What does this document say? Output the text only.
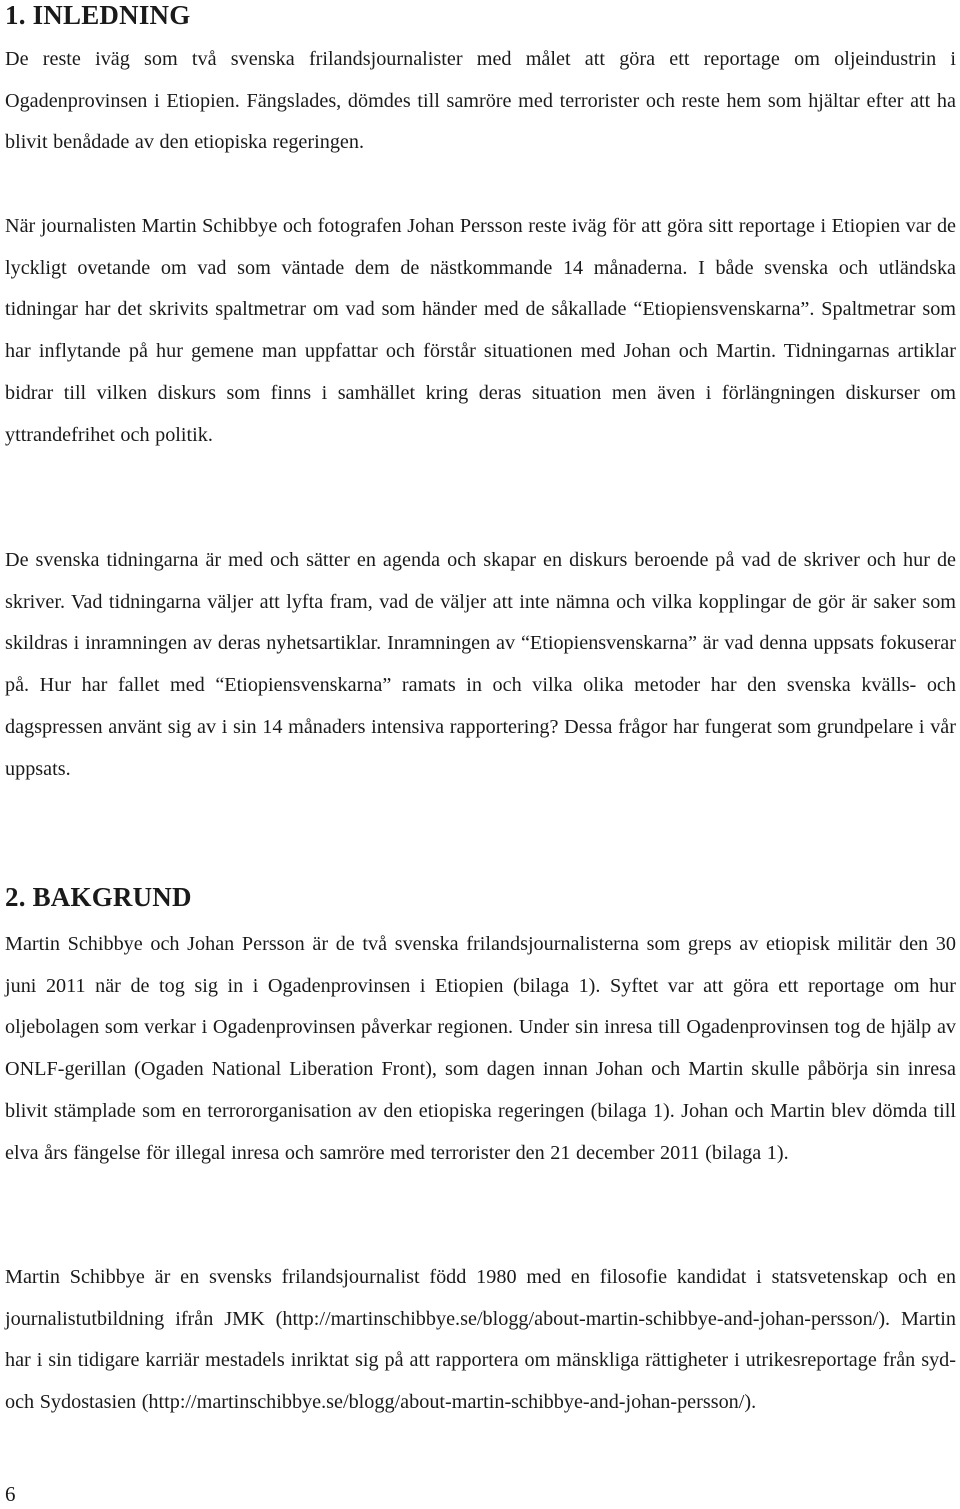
1. INLEDNING

De reste iväg som två svenska frilandsjournalister med målet att göra ett reportage om oljeindustrin i Ogadenprovinsen i Etiopien. Fängslades, dömdes till samröre med terrorister och reste hem som hjältar efter att ha blivit benådade av den etiopiska regeringen.

När journalisten Martin Schibbye och fotografen Johan Persson reste iväg för att göra sitt reportage i Etiopien var de lyckligt ovetande om vad som väntade dem de nästkommande 14 månaderna. I både svenska och utländska tidningar har det skrivits spaltmetrar om vad som händer med de såkallade “Etiopiensvenskarna”. Spaltmetrar som har inflytande på hur gemene man uppfattar och förstår situationen med Johan och Martin. Tidningarnas artiklar bidrar till vilken diskurs som finns i samhället kring deras situation men även i förlängningen diskurser om yttrandefrihet och politik.

De svenska tidningarna är med och sätter en agenda och skapar en diskurs beroende på vad de skriver och hur de skriver. Vad tidningarna väljer att lyfta fram, vad de väljer att inte nämna och vilka kopplingar de gör är saker som skildras i inramningen av deras nyhetsartiklar. Inramningen av “Etiopiensvenskarna” är vad denna uppsats fokuserar på. Hur har fallet med “Etiopiensvenskarna” ramats in och vilka olika metoder har den svenska kvälls- och dagspressen använt sig av i sin 14 månaders intensiva rapportering? Dessa frågor har fungerat som grundpelare i vår uppsats.

2. BAKGRUND

Martin Schibbye och Johan Persson är de två svenska frilandsjournalisterna som greps av etiopisk militär den 30 juni 2011 när de tog sig in i Ogadenprovinsen i Etiopien (bilaga 1). Syftet var att göra ett reportage om hur oljebolagen som verkar i Ogadenprovinsen påverkar regionen. Under sin inresa till Ogadenprovinsen tog de hjälp av ONLF-gerillan (Ogaden National Liberation Front), som dagen innan Johan och Martin skulle påbörja sin inresa blivit stämplade som en terrororganisation av den etiopiska regeringen (bilaga 1). Johan och Martin blev dömda till elva års fängelse för illegal inresa och samröre med terrorister den 21 december 2011 (bilaga 1).

Martin Schibbye är en svensks frilandsjournalist född 1980 med en filosofie kandidat i statsvetenskap och en journalistutbildning ifrån JMK (http://martinschibbye.se/blogg/about-martin-schibbye-and-johan-persson/). Martin har i sin tidigare karriär mestadels inriktat sig på att rapportera om mänskliga rättigheter i utrikesreportage från syd- och Sydostasien (http://martinschibbye.se/blogg/about-martin-schibbye-and-johan-persson/).

6
